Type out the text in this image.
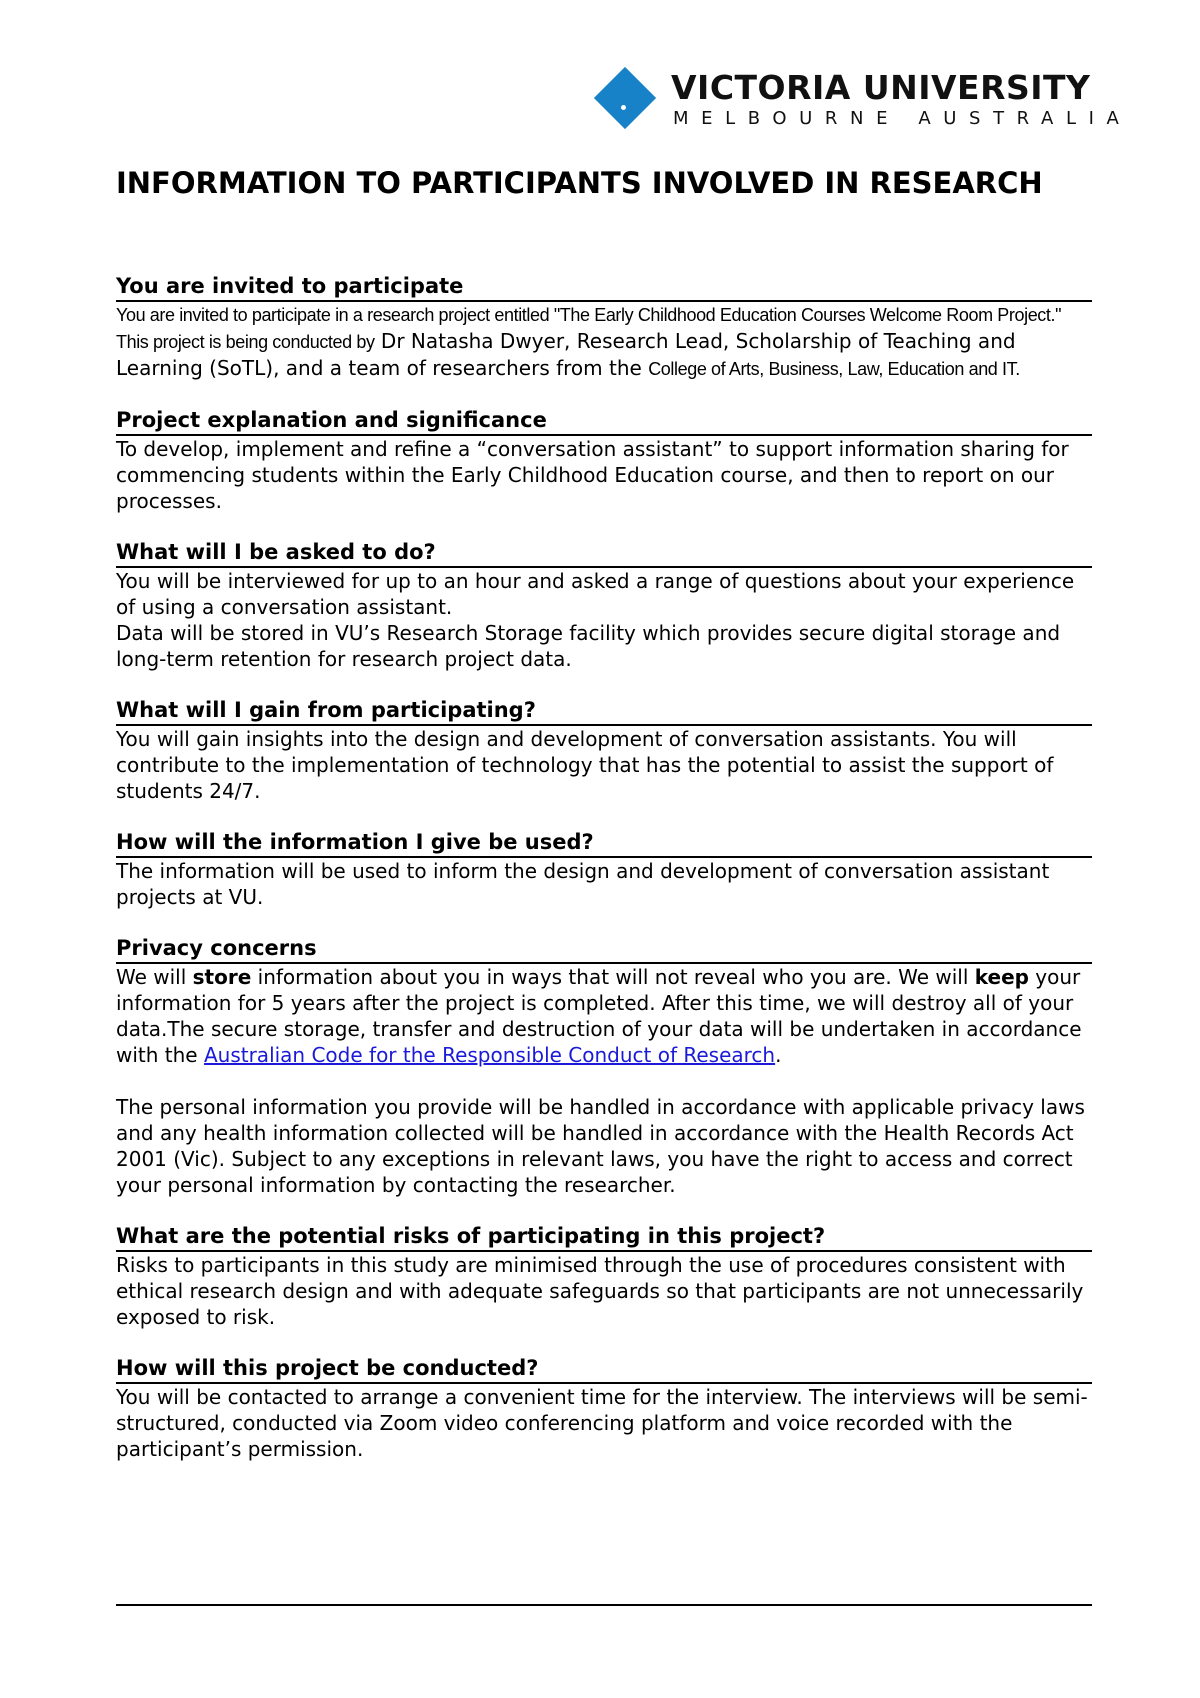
VICTORIA UNIVERSITY
MELBOURNE AUSTRALIA
INFORMATION TO PARTICIPANTS INVOLVED IN RESEARCH
You are invited to participate
You are invited to participate in a research project entitled "The Early Childhood Education Courses Welcome Room Project."
This project is being conducted by Dr Natasha Dwyer, Research Lead, Scholarship of Teaching and Learning (SoTL), and a team of researchers from the College of Arts, Business, Law, Education and IT.
Project explanation and significance
To develop, implement and refine a “conversation assistant” to support information sharing for commencing students within the Early Childhood Education course, and then to report on our processes.
What will I be asked to do?
You will be interviewed for up to an hour and asked a range of questions about your experience of using a conversation assistant.
Data will be stored in VU’s Research Storage facility which provides secure digital storage and long-term retention for research project data.
What will I gain from participating?
You will gain insights into the design and development of conversation assistants. You will contribute to the implementation of technology that has the potential to assist the support of students 24/7.
How will the information I give be used?
The information will be used to inform the design and development of conversation assistant projects at VU.
Privacy concerns
We will store information about you in ways that will not reveal who you are. We will keep your information for 5 years after the project is completed. After this time, we will destroy all of your data.The secure storage, transfer and destruction of your data will be undertaken in accordance with the Australian Code for the Responsible Conduct of Research.
The personal information you provide will be handled in accordance with applicable privacy laws and any health information collected will be handled in accordance with the Health Records Act 2001 (Vic). Subject to any exceptions in relevant laws, you have the right to access and correct your personal information by contacting the researcher.
What are the potential risks of participating in this project?
Risks to participants in this study are minimised through the use of procedures consistent with ethical research design and with adequate safeguards so that participants are not unnecessarily exposed to risk.
How will this project be conducted?
You will be contacted to arrange a convenient time for the interview. The interviews will be semi-structured, conducted via Zoom video conferencing platform and voice recorded with the participant’s permission.
